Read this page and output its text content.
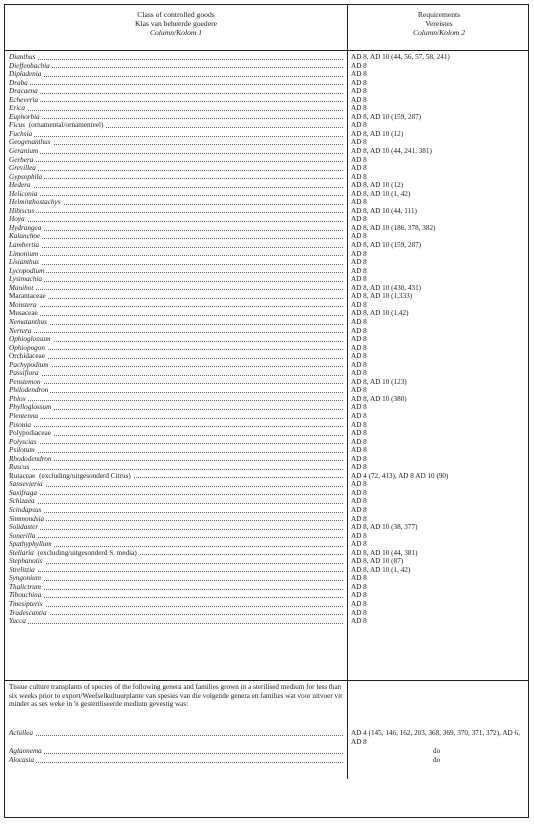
Class of controlled goods
Klas van beheerde goedere
Column/Kolom 1
Requirements
Vereistes
Column/Kolom 2
Dianthus	AD 8, AD 10 (44, 56, 57, 58, 241)
Dieffenbachia	AD 8
Dipladenia	AD 8
Draba	AD 8
Dracaena	AD 8
Echeveria	AD 8
Erica	AD 8
Euphorbia	AD 8, AD 10 (159, 287)
Ficus (ornamental/ornamenteel)	AD 8
Fuchsia	AD 8, AD 10 (12)
Geogenanthus	AD 8
Geranium	AD 8, AD 10 (44, 241, 381)
Gerbera	AD 8
Grevillea	AD 8
Gypsophila	AD 8
Hedera	AD 8, AD 10 (12)
Heliconia	AD 8, AD 10 (1, 42)
Helminthostachys	AD 8
Hibiscus	AD 8, AD 10 (44, 111)
Hoya	AD 8
Hydrangea	AD 8, AD 10 (186, 378, 382)
Kalanchoe	AD 8
Lambertia	AD 8, AD 10 (159, 287)
Limonium	AD 8
Lisianthus	AD 8
Lycopodium	AD 8
Lysimachia	AD 8
Manihot	AD 8, AD 10 (430, 431)
Marantaceae	AD 8, AD 10 (1,333)
Monstera	AD 8
Musaceae	AD 8, AD 10 (1,42)
Nematanthus	AD 8
Nertera	AD 8
Ophioglossum	AD 8
Ophiopogon	AD 8
Orchidaceae	AD 8
Pachypodium	AD 8
Passiflora	AD 8
Penstemon	AD 8, AD 10 (123)
Philodendron	AD 8
Phlox	AD 8, AD 10 (380)
Phylloglossum	AD 8
Pientenna	AD 8
Pisonia	AD 8
Polypodiaceae	AD 8
Polyscias	AD 8
Psilotum	AD 8
Rhododendron	AD 8
Ruscus	AD 8
Rutaceae (excluding/uitgesonderd Citrus)	AD 4 (72, 413), AD 8 AD 10 (90)
Sansevieria	AD 8
Saxifraga	AD 8
Schizaea	AD 8
Scindapsus	AD 8
Simmondsia	AD 8
Solidaster	AD 8, AD 10 (38, 377)
Sonerilla	AD 8
Spathyphyllum	AD 8
Stellaria (excluding/uitgesonderd S. media)	AD 8, AD 10 (44, 381)
Stephanotis	AD 8, AD 10 (87)
Strelitzia	AD 8, AD 10 (1, 42)
Syngonium	AD 8
Thalictrum	AD 8
Tibouchina	AD 8
Tmesipteris	AD 8
Tradescantia	AD 8
Yucca	AD 8
Tissue culture transplants of species of the following genera and families grown in a sterilised medium for less than six weeks prior to export/Weefselkultuurplante van spesies van die volgende genera en families wat voor uitvoer vir minder as ses weke in 'n gesteriliseerde medium gevestig was:
Achillea	AD 4 (145, 146, 162, 203, 368, 369, 370, 371, 372), AD 6, AD 8
Aglaonema	do
Alocasia	do
